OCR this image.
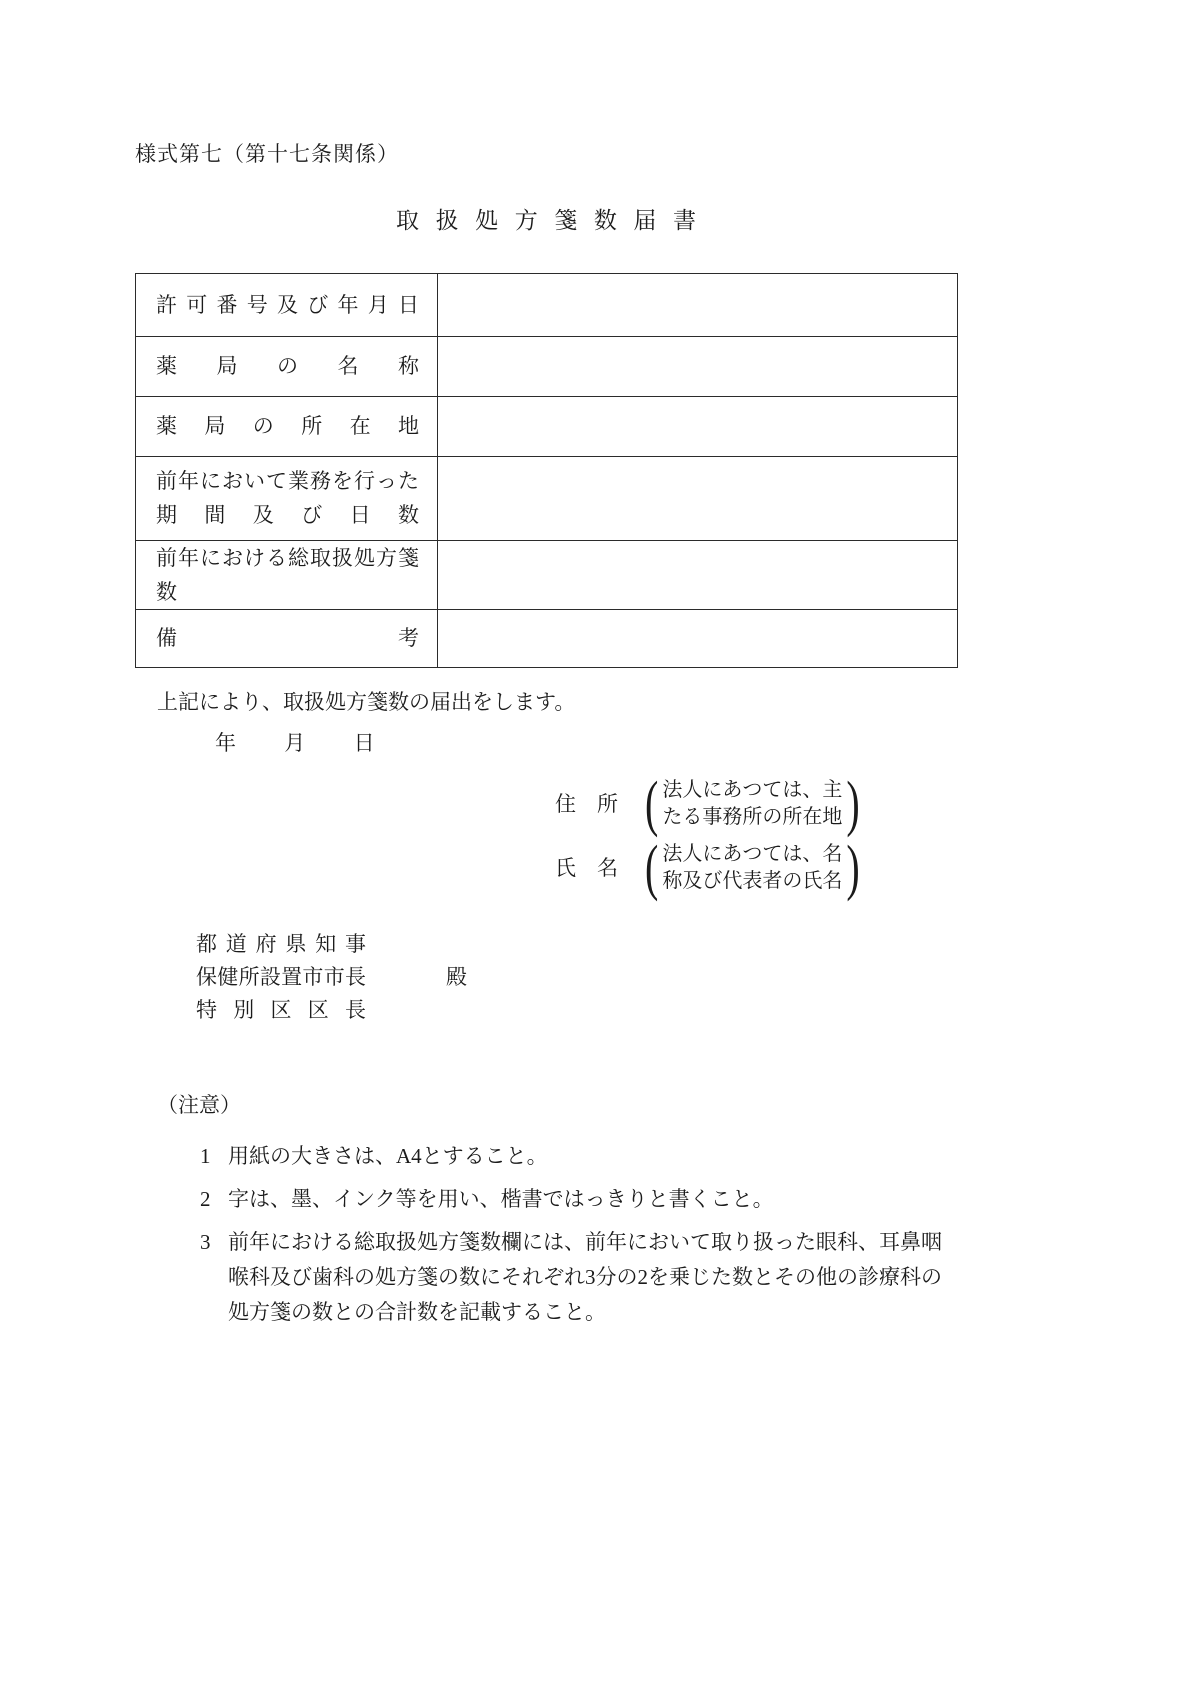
様式第七（第十七条関係）
取扱処方箋数届書
許可番号及び年月日	

薬局の名称	

薬局の所在地	

前年において業務を行った
期間及び日数	

前年における総取扱処方箋数	

備考	

上記により、取扱処方箋数の届出をします。
年月日
住所 ( 法人にあつては、主
たる事務所の所在地 )
氏名 ( 法人にあつては、名
称及び代表者の氏名 )
都道府県知事
保健所設置市市長	殿
特別区区長
（注意）
1 用紙の大きさは、A4とすること。
2 字は、墨、インク等を用い、楷書ではっきりと書くこと。
3 前年における総取扱処方箋数欄には、前年において取り扱った眼科、耳鼻咽喉科及び歯科の処方箋の数にそれぞれ3分の2を乗じた数とその他の診療科の処方箋の数との合計数を記載すること。
